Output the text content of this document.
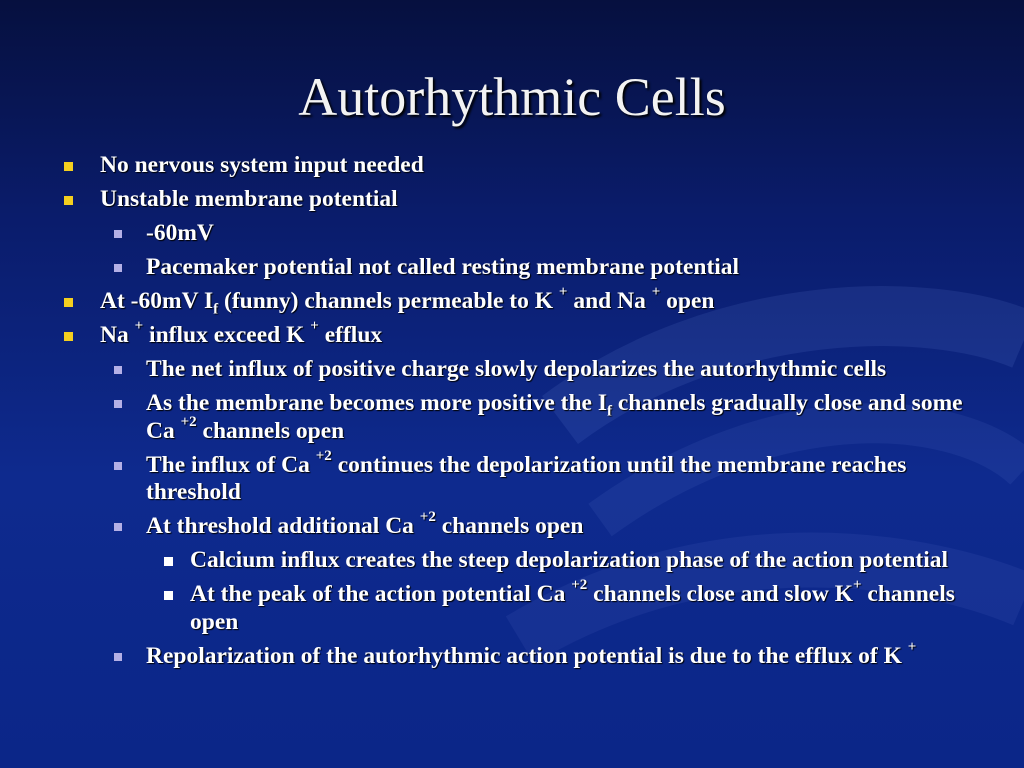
Autorhythmic Cells
No nervous system input needed
Unstable membrane potential
-60mV
Pacemaker potential not called resting membrane potential
At -60mV $I_f$ (funny) channels permeable to K + and Na + open
Na + influx exceed K + efflux
The net influx of positive charge slowly depolarizes the autorhythmic cells
As the membrane becomes more positive the $I_f$ channels gradually close and some Ca $^{+2}$ channels open
The influx of Ca $^{+2}$ continues the depolarization until the membrane reaches threshold
At threshold additional Ca $^{+2}$ channels open
Calcium influx creates the steep depolarization phase of the action potential
At the peak of the action potential Ca $^{+2}$ channels close and slow K+ channels open
Repolarization of the autorhythmic action potential is due to the efflux of K +
